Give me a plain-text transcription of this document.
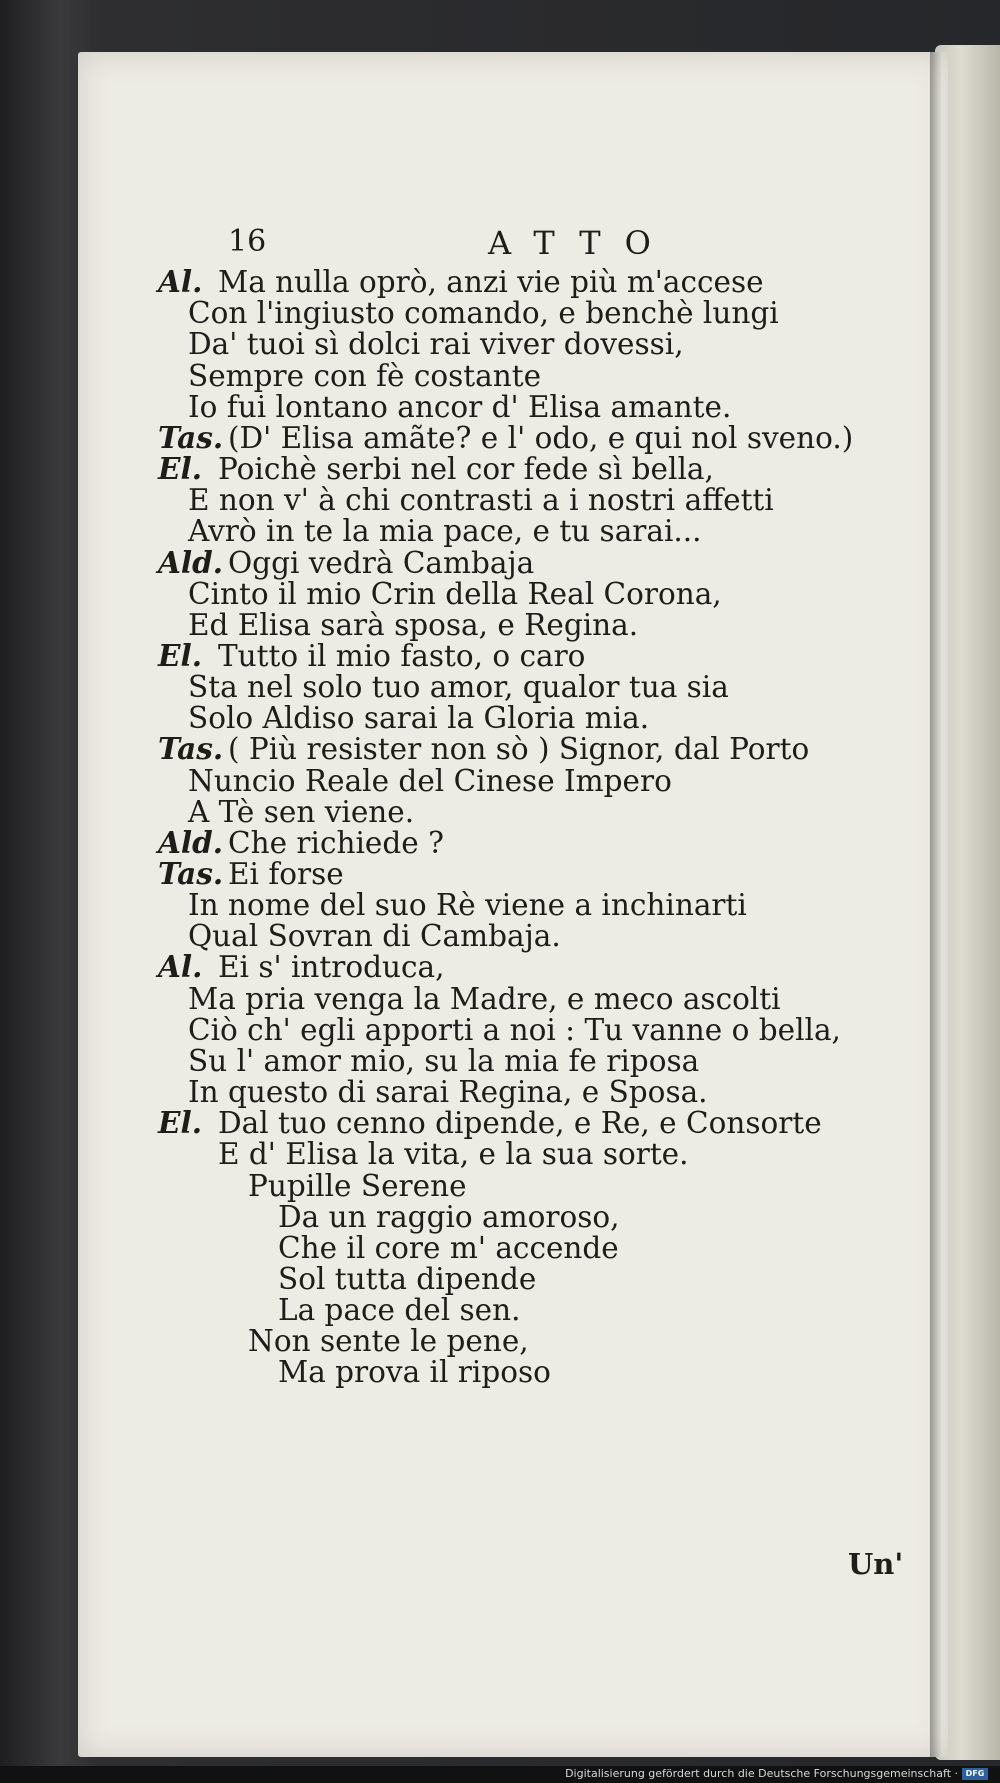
16	ATTO
Al. Ma nulla oprò, anzi vie più m'accese
Con l'ingiusto comando, e benchè lungi
Da' tuoi sì dolci rai viver dovessi,
Sempre con fè costante
Io fui lontano ancor d' Elisa amante.
Tas. (D' Elisa amãte? e l' odo, e qui nol sveno.)
El. Poichè serbi nel cor fede sì bella,
E non v' à chi contrasti a i nostri affetti
Avrò in te la mia pace, e tu sarai...
Ald. Oggi vedrà Cambaja
Cinto il mio Crin della Real Corona,
Ed Elisa sarà sposa, e Regina.
El. Tutto il mio fasto, o caro
Sta nel solo tuo amor, qualor tua sia
Solo Aldiso sarai la Gloria mia.
Tas. ( Più resister non sò ) Signor, dal Porto
Nuncio Reale del Cinese Impero
A Tè sen viene.
Ald. Che richiede ?
Tas. Ei forse
In nome del suo Rè viene a inchinarti
Qual Sovran di Cambaja.
Al. Ei s' introduca,
Ma pria venga la Madre, e meco ascolti
Ciò ch' egli apporti a noi : Tu vanne o bella,
Su l' amor mio, su la mia fe riposa
In questo di sarai Regina, e Sposa.
El. Dal tuo cenno dipende, e Re, e Consorte
E d' Elisa la vita, e la sua sorte.
Pupille Serene
Da un raggio amoroso,
Che il core m' accende
Sol tutta dipende
La pace del sen.
Non sente le pene,
Ma prova il riposo
Un'
Digitalisierung gefördert durch die Deutsche Forschungsgemeinschaft · DFG
